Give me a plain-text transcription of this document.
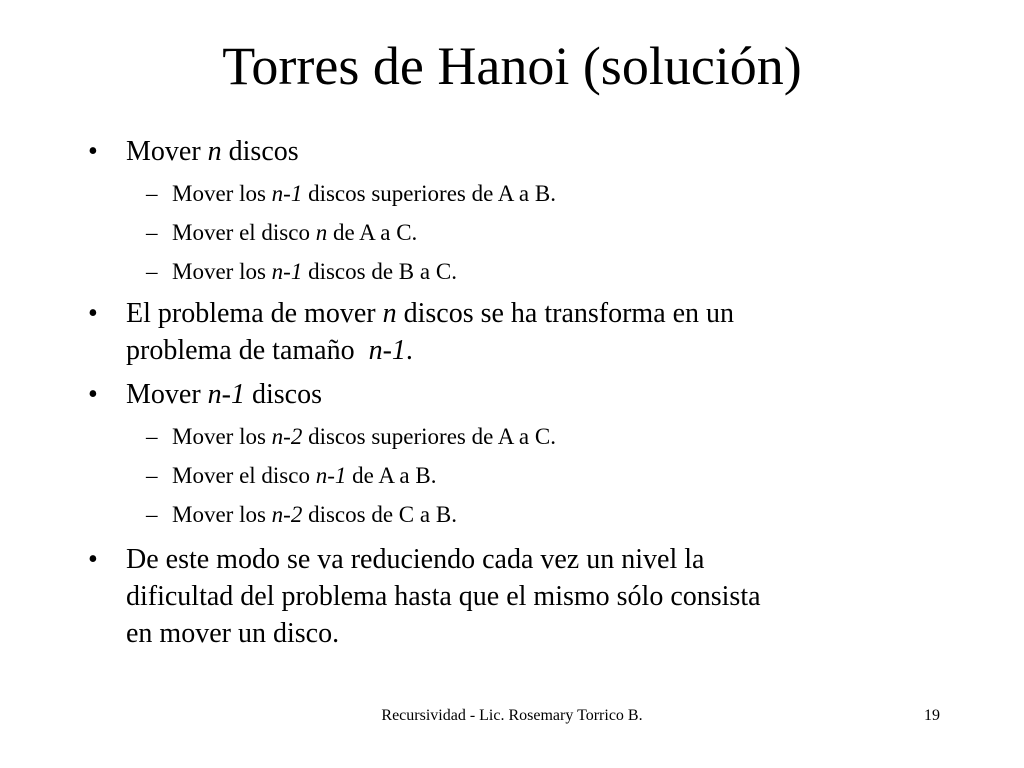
Torres de Hanoi (solución)
• Mover n discos
– Mover los n-1 discos superiores de A a B.
– Mover el disco n de A a C.
– Mover los n-1 discos de B a C.
• El problema de mover n discos se ha transforma en un
problema de tamaño  n-1.
• Mover n-1 discos
– Mover los n-2 discos superiores de A a C.
– Mover el disco n-1 de A a B.
– Mover los n-2 discos de C a B.
• De este modo se va reduciendo cada vez un nivel la
dificultad del problema hasta que el mismo sólo consista
en mover un disco.
Recursividad - Lic. Rosemary Torrico B.	19
